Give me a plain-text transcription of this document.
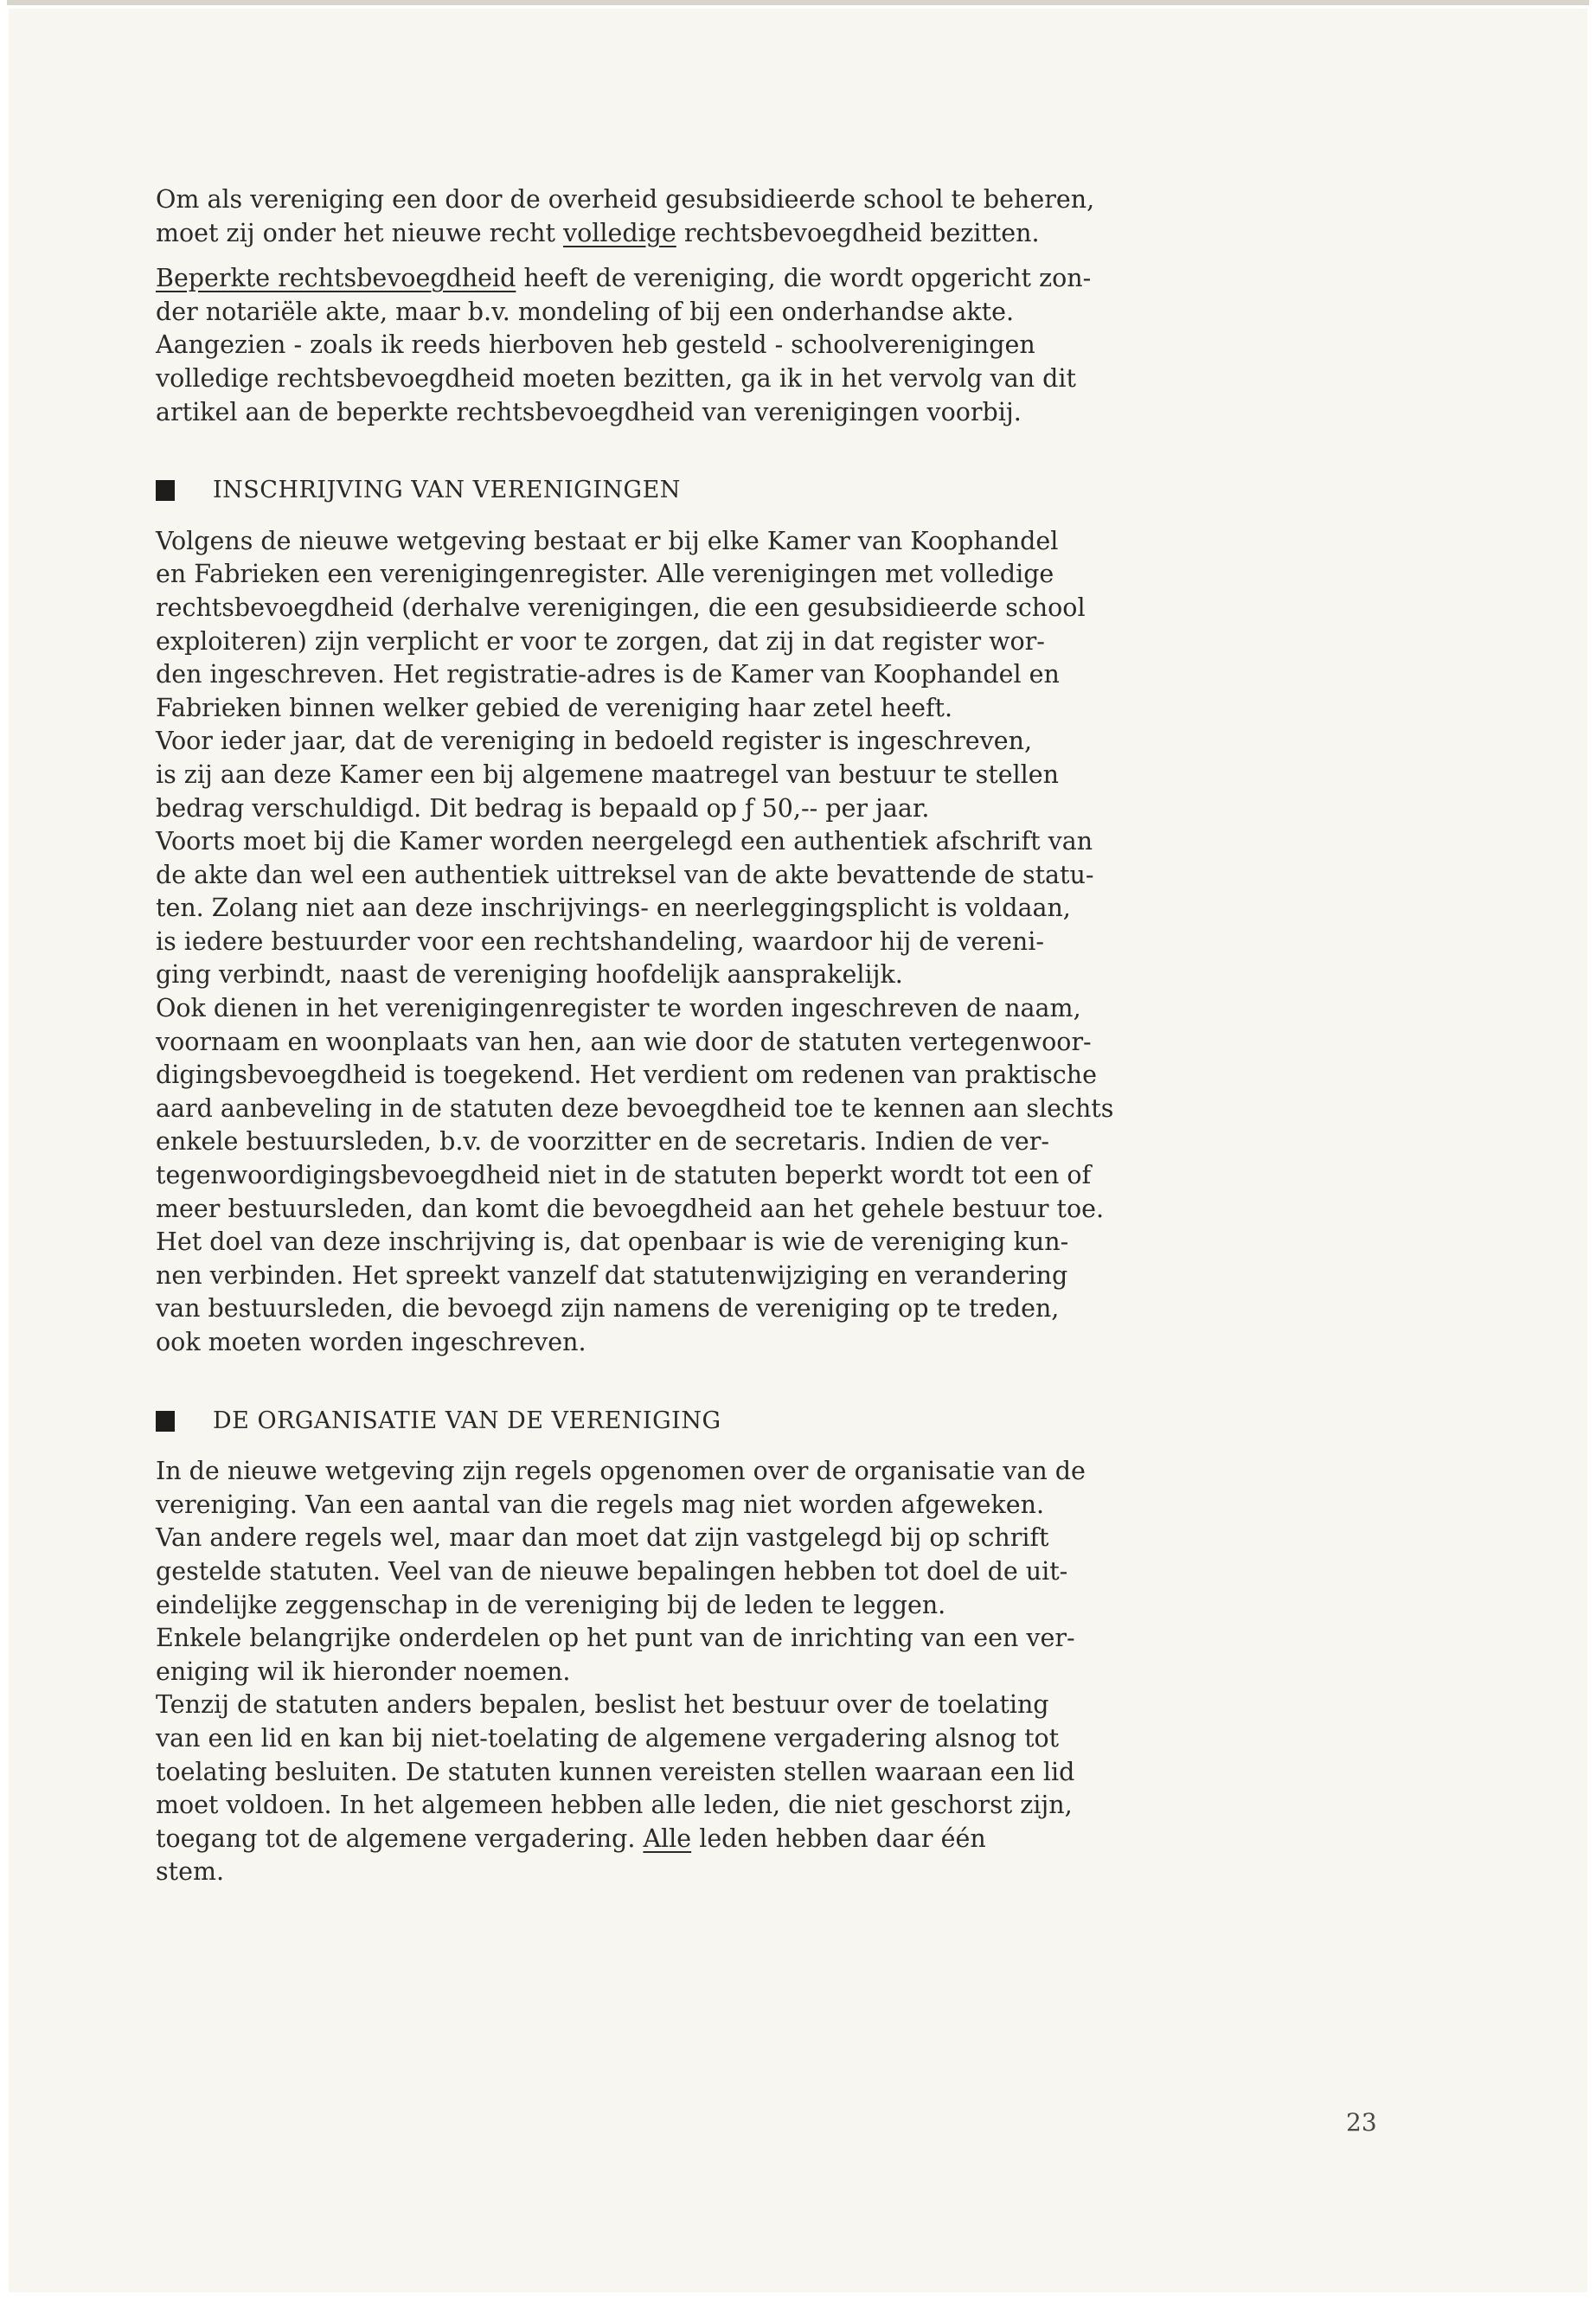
Om als vereniging een door de overheid gesubsidieerde school te beheren,
moet zij onder het nieuwe recht volledige rechtsbevoegdheid bezitten.
Beperkte rechtsbevoegdheid heeft de vereniging, die wordt opgericht zon-
der notariële akte, maar b.v. mondeling of bij een onderhandse akte.
Aangezien - zoals ik reeds hierboven heb gesteld - schoolverenigingen
volledige rechtsbevoegdheid moeten bezitten, ga ik in het vervolg van dit
artikel aan de beperkte rechtsbevoegdheid van verenigingen voorbij.
INSCHRIJVING VAN VERENIGINGEN
Volgens de nieuwe wetgeving bestaat er bij elke Kamer van Koophandel
en Fabrieken een verenigingenregister. Alle verenigingen met volledige
rechtsbevoegdheid (derhalve verenigingen, die een gesubsidieerde school
exploiteren) zijn verplicht er voor te zorgen, dat zij in dat register wor-
den ingeschreven. Het registratie-adres is de Kamer van Koophandel en
Fabrieken binnen welker gebied de vereniging haar zetel heeft.
Voor ieder jaar, dat de vereniging in bedoeld register is ingeschreven,
is zij aan deze Kamer een bij algemene maatregel van bestuur te stellen
bedrag verschuldigd. Dit bedrag is bepaald op ƒ 50,-- per jaar.
Voorts moet bij die Kamer worden neergelegd een authentiek afschrift van
de akte dan wel een authentiek uittreksel van de akte bevattende de statu-
ten. Zolang niet aan deze inschrijvings- en neerleggingsplicht is voldaan,
is iedere bestuurder voor een rechtshandeling, waardoor hij de vereni-
ging verbindt, naast de vereniging hoofdelijk aansprakelijk.
Ook dienen in het verenigingenregister te worden ingeschreven de naam,
voornaam en woonplaats van hen, aan wie door de statuten vertegenwoor-
digingsbevoegdheid is toegekend. Het verdient om redenen van praktische
aard aanbeveling in de statuten deze bevoegdheid toe te kennen aan slechts
enkele bestuursleden, b.v. de voorzitter en de secretaris. Indien de ver-
tegenwoordigingsbevoegdheid niet in de statuten beperkt wordt tot een of
meer bestuursleden, dan komt die bevoegdheid aan het gehele bestuur toe.
Het doel van deze inschrijving is, dat openbaar is wie de vereniging kun-
nen verbinden. Het spreekt vanzelf dat statutenwijziging en verandering
van bestuursleden, die bevoegd zijn namens de vereniging op te treden,
ook moeten worden ingeschreven.
DE ORGANISATIE VAN DE VERENIGING
In de nieuwe wetgeving zijn regels opgenomen over de organisatie van de
vereniging. Van een aantal van die regels mag niet worden afgeweken.
Van andere regels wel, maar dan moet dat zijn vastgelegd bij op schrift
gestelde statuten. Veel van de nieuwe bepalingen hebben tot doel de uit-
eindelijke zeggenschap in de vereniging bij de leden te leggen.
Enkele belangrijke onderdelen op het punt van de inrichting van een ver-
eniging wil ik hieronder noemen.
Tenzij de statuten anders bepalen, beslist het bestuur over de toelating
van een lid en kan bij niet-toelating de algemene vergadering alsnog tot
toelating besluiten. De statuten kunnen vereisten stellen waaraan een lid
moet voldoen. In het algemeen hebben alle leden, die niet geschorst zijn,
toegang tot de algemene vergadering. Alle leden hebben daar één
stem.
23
